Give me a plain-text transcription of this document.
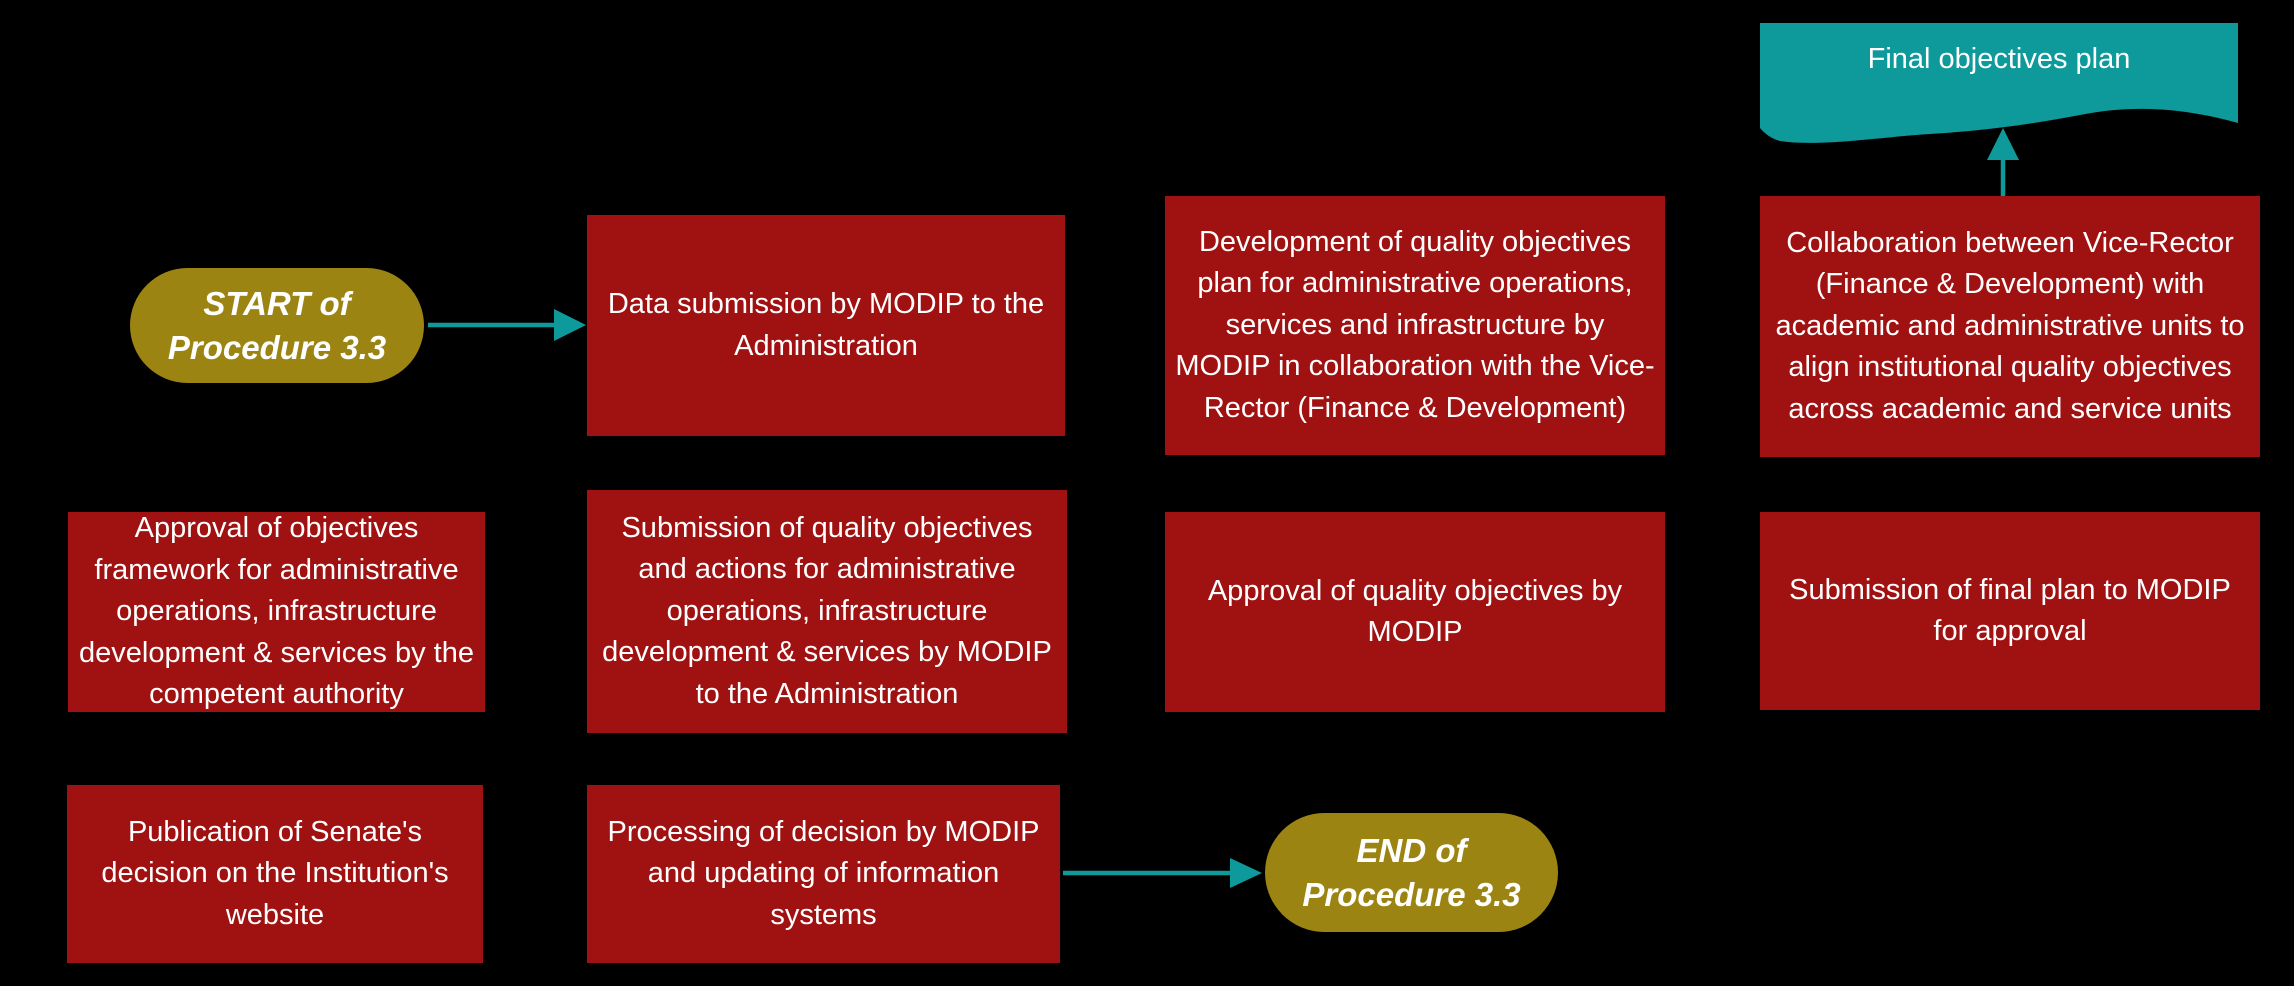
Final objectives plan
START of
Procedure 3.3
END of
Procedure 3.3
Data submission by MODIP to the Administration
Development of quality objectives plan for administrative operations, services and infrastructure by MODIP in collaboration with the Vice-Rector (Finance & Development)
Collaboration between Vice-Rector (Finance & Development) with academic and administrative units to align institutional quality objectives across academic and service units
Approval of objectives framework for administrative operations, infrastructure development & services by the competent authority
Submission of quality objectives and actions for administrative operations, infrastructure development & services by MODIP to the Administration
Approval of quality objectives by MODIP
Submission of final plan to MODIP for approval
Publication of Senate's decision on the Institution's website
Processing of decision by MODIP and updating of information systems
